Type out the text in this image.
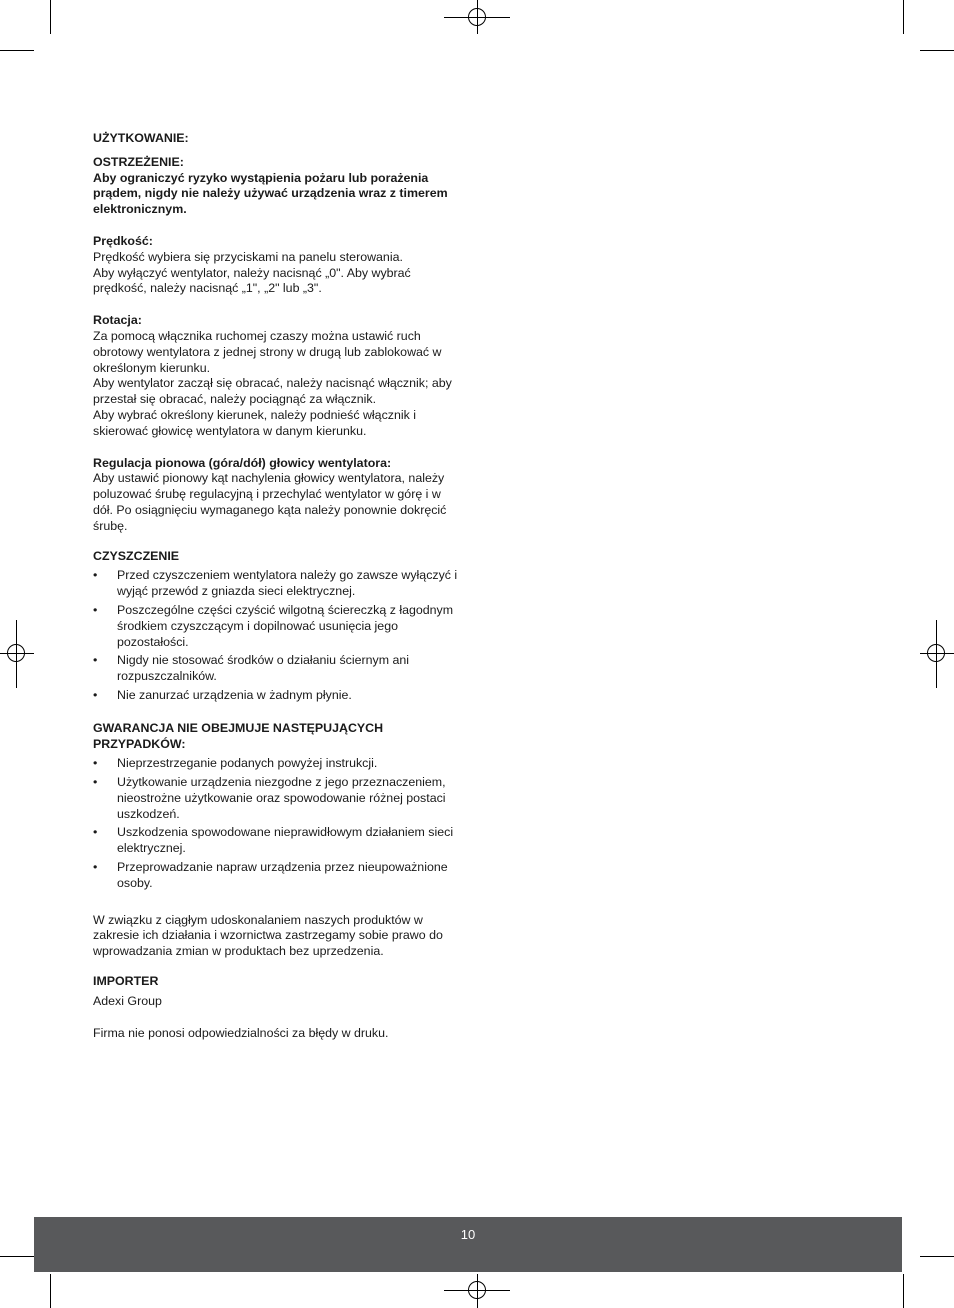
UŻYTKOWANIE:

OSTRZEŻENIE:

Aby ograniczyć ryzyko wystąpienia pożaru lub porażenia

prądem, nigdy nie należy używać urządzenia wraz z timerem

elektronicznym.

Prędkość:

Prędkość wybiera się przyciskami na panelu sterowania.

Aby wyłączyć wentylator, należy nacisnąć „0". Aby wybrać

prędkość, należy nacisnąć „1", „2" lub „3".

Rotacja:

Za pomocą włącznika ruchomej czaszy można ustawić ruch

obrotowy wentylatora z jednej strony w drugą lub zablokować w

określonym kierunku.

Aby wentylator zaczął się obracać, należy nacisnąć włącznik; aby

przestał się obracać, należy pociągnąć za włącznik.

Aby wybrać określony kierunek, należy podnieść włącznik i

skierować głowicę wentylatora w danym kierunku.

Regulacja pionowa (góra/dół) głowicy wentylatora:

Aby ustawić pionowy kąt nachylenia głowicy wentylatora, należy

poluzować śrubę regulacyjną i przechylać wentylator w górę i w

dół. Po osiągnięciu wymaganego kąta należy ponownie dokręcić

śrubę.

CZYSZCZENIE

• Przed czyszczeniem wentylatora należy go zawsze wyłączyć i
wyjąć przewód z gniazda sieci elektrycznej.
• Poszczególne części czyścić wilgotną ściereczką z łagodnym
środkiem czyszczącym i dopilnować usunięcia jego
pozostałości.
• Nigdy nie stosować środków o działaniu ściernym ani
rozpuszczalników.
• Nie zanurzać urządzenia w żadnym płynie.

GWARANCJA NIE OBEJMUJE NASTĘPUJĄCYCH

PRZYPADKÓW:

• Nieprzestrzeganie podanych powyżej instrukcji.
• Użytkowanie urządzenia niezgodne z jego przeznaczeniem,
nieostrożne użytkowanie oraz spowodowanie różnej postaci
uszkodzeń.
• Uszkodzenia spowodowane nieprawidłowym działaniem sieci
elektrycznej.
• Przeprowadzanie napraw urządzenia przez nieupoważnione
osoby.

W związku z ciągłym udoskonalaniem naszych produktów w

zakresie ich działania i wzornictwa zastrzegamy sobie prawo do

wprowadzania zmian w produktach bez uprzedzenia.

IMPORTER

Adexi Group

Firma nie ponosi odpowiedzialności za błędy w druku.

10
